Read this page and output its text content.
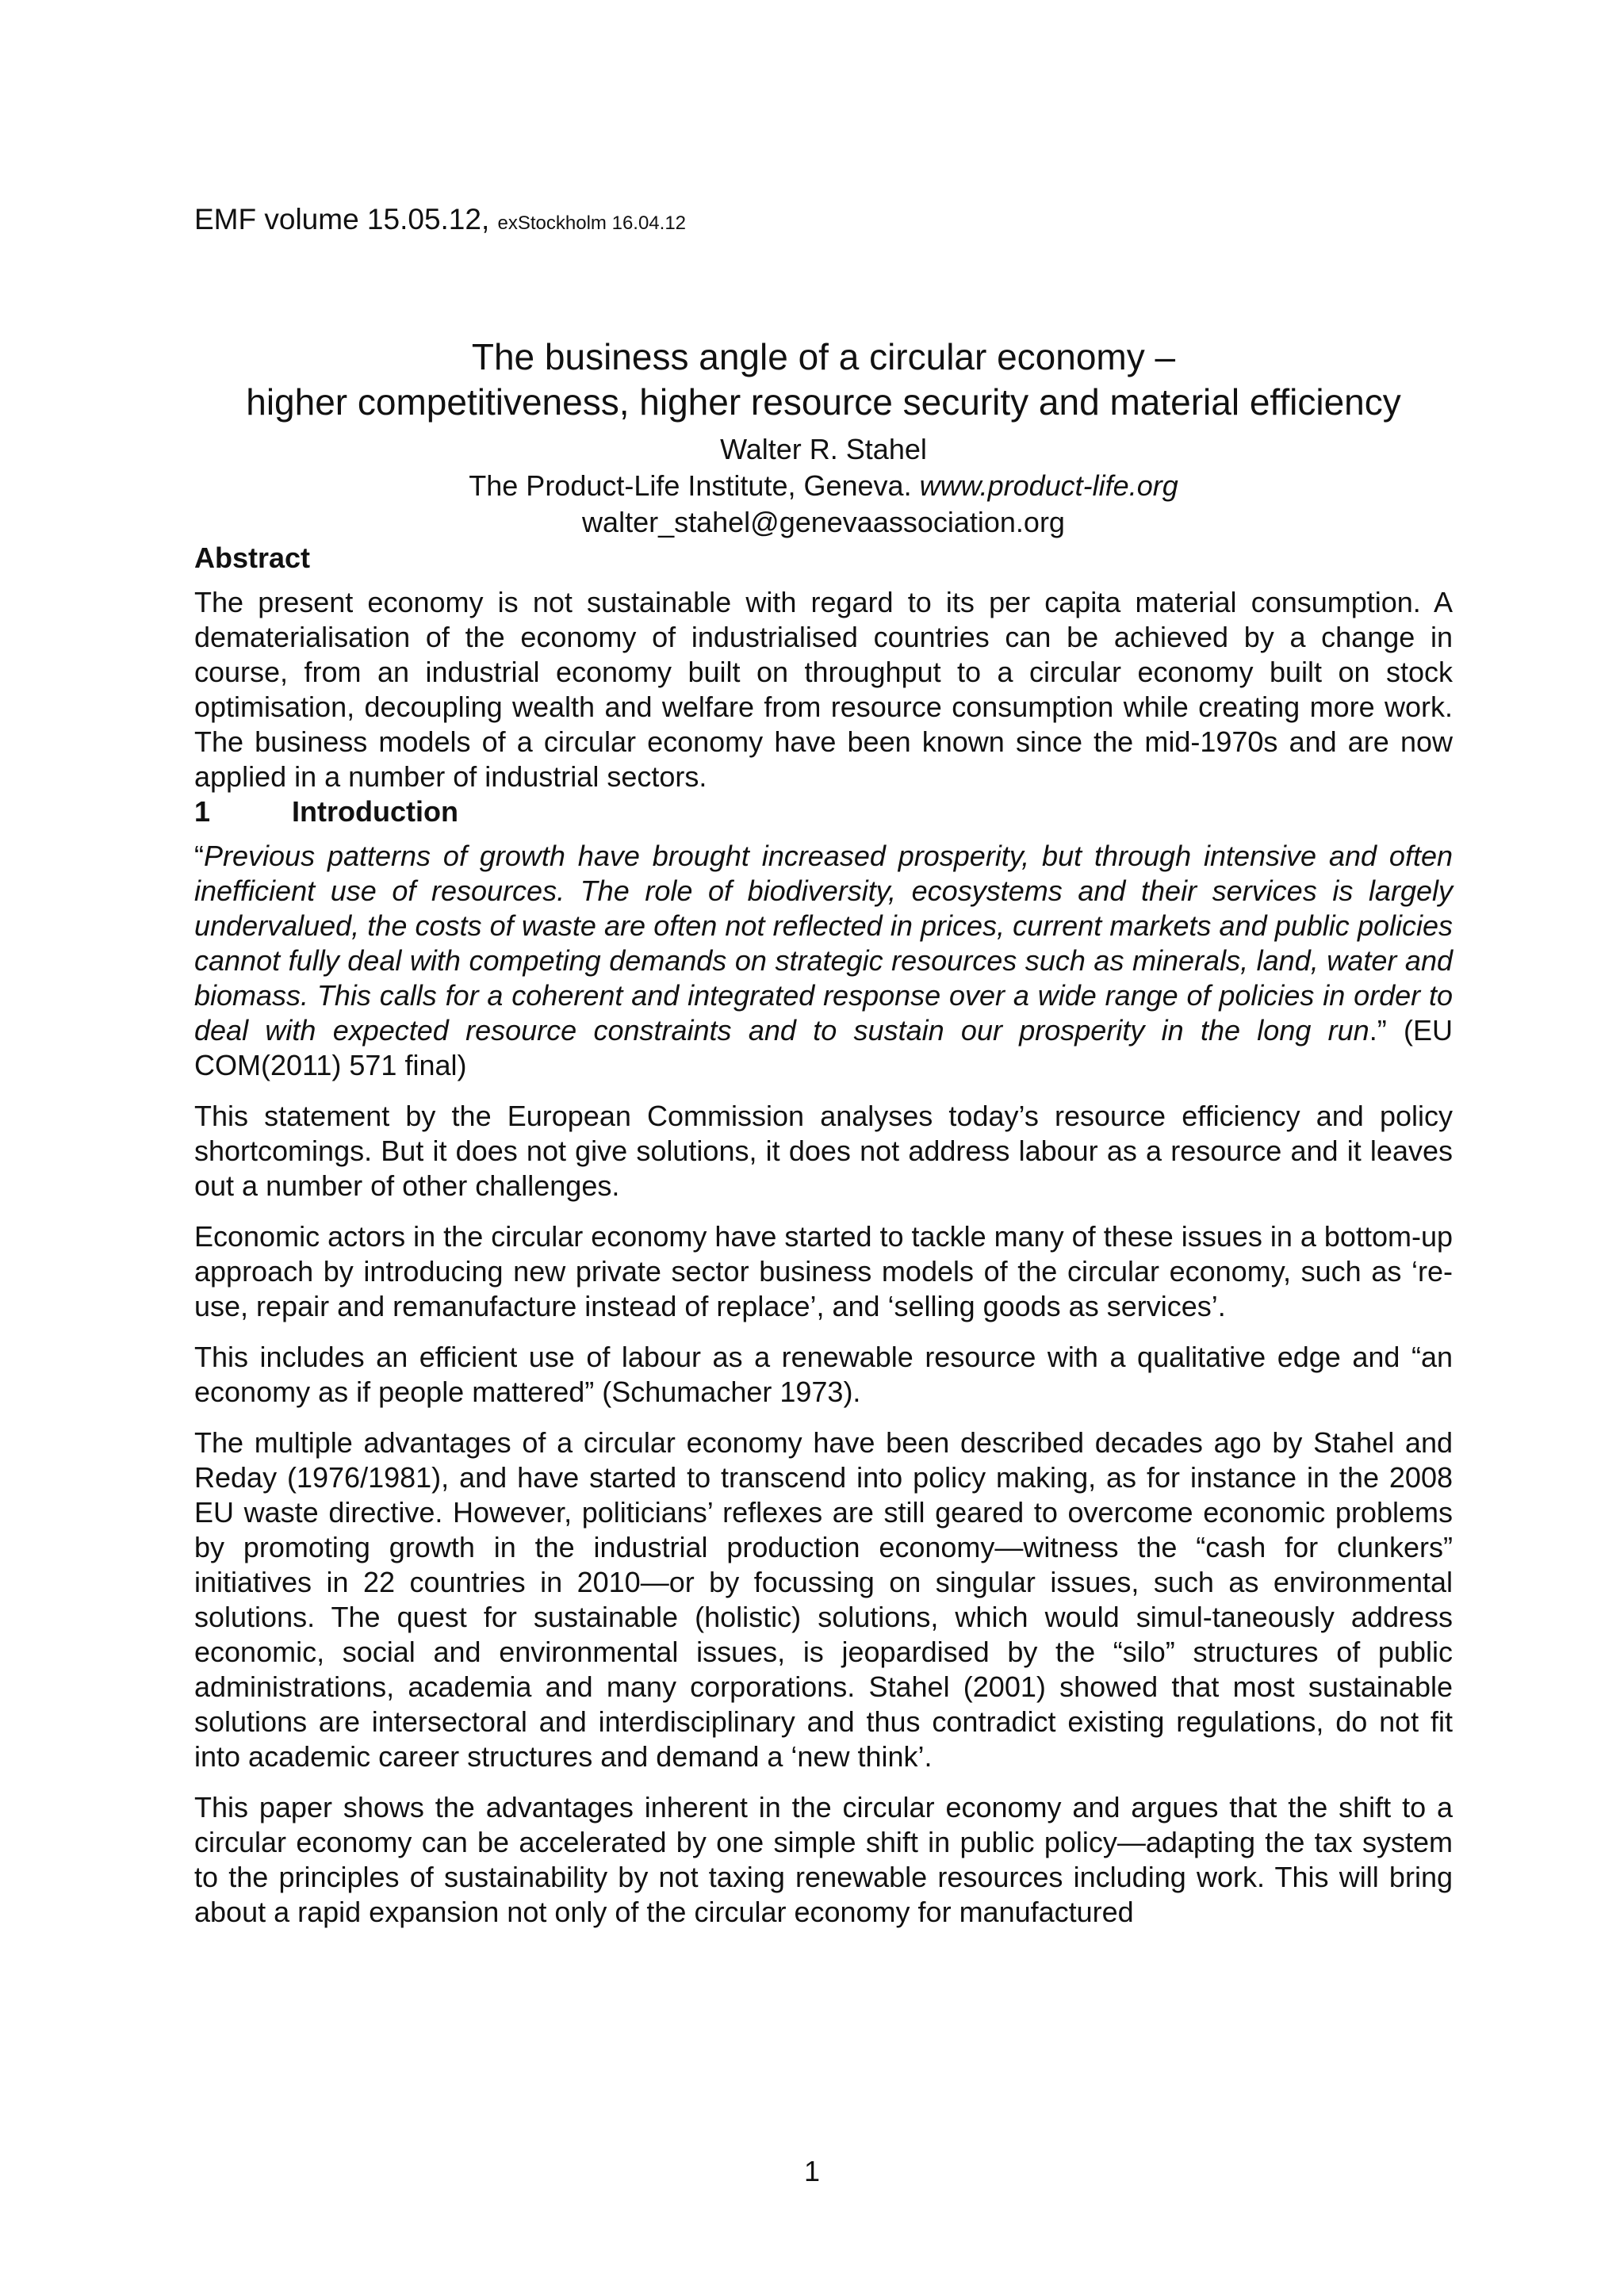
EMF volume 15.05.12, exStockholm 16.04.12
The business angle of a circular economy –
higher competitiveness, higher resource security and material efficiency
Walter R. Stahel
The Product-Life Institute, Geneva. www.product-life.org
walter_stahel@genevaassociation.org
Abstract

The present economy is not sustainable with regard to its per capita material consumption. A dematerialisation of the economy of industrialised countries can be achieved by a change in course, from an industrial economy built on throughput to a circular economy built on stock optimisation, decoupling wealth and welfare from resource consumption while creating more work. The business models of a circular economy have been known since the mid-1970s and are now applied in a number of industrial sectors.

1	Introduction

“Previous patterns of growth have brought increased prosperity, but through intensive and often inefficient use of resources. The role of biodiversity, ecosystems and their services is largely undervalued, the costs of waste are often not reflected in prices, current markets and public policies cannot fully deal with competing demands on strategic resources such as minerals, land, water and biomass. This calls for a coherent and integrated response over a wide range of policies in order to deal with expected resource constraints and to sustain our prosperity in the long run.” (EU COM(2011) 571 final)

This statement by the European Commission analyses today’s resource efficiency and policy shortcomings. But it does not give solutions, it does not address labour as a resource and it leaves out a number of other challenges.

Economic actors in the circular economy have started to tackle many of these issues in a bottom-up approach by introducing new private sector business models of the circular economy, such as ‘re-use, repair and remanufacture instead of replace’, and ‘selling goods as services’.

This includes an efficient use of labour as a renewable resource with a qualitative edge and “an economy as if people mattered” (Schumacher 1973).

The multiple advantages of a circular economy have been described decades ago by Stahel and Reday (1976/1981), and have started to transcend into policy making, as for instance in the 2008 EU waste directive. However, politicians’ reflexes are still geared to overcome economic problems by promoting growth in the industrial production economy—witness the “cash for clunkers” initiatives in 22 countries in 2010—or by focussing on singular issues, such as environmental solutions. The quest for sustainable (holistic) solutions, which would simul-taneously address economic, social and environmental issues, is jeopardised by the “silo” structures of public administrations, academia and many corporations. Stahel (2001) showed that most sustainable solutions are intersectoral and interdisciplinary and thus contradict existing regulations, do not fit into academic career structures and demand a ‘new think’.

This paper shows the advantages inherent in the circular economy and argues that the shift to a circular economy can be accelerated by one simple shift in public policy—adapting the tax system to the principles of sustainability by not taxing renewable resources including work. This will bring about a rapid expansion not only of the circular economy for manufactured

1
